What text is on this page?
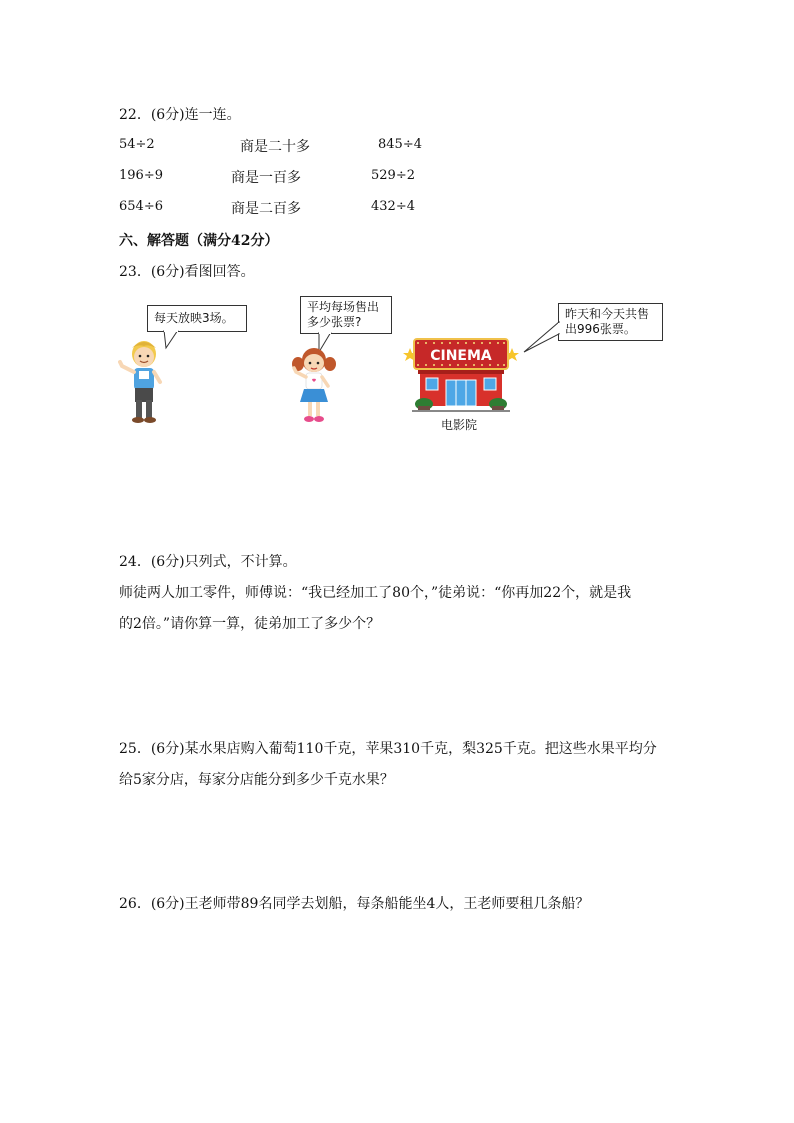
22．(6分)连一连。
54÷2	商是二十多	845÷4
196÷9	商是一百多	529÷2
654÷6	商是二百多	432÷4
六、解答题（满分42分）
23．(6分)看图回答。
每天放映3场。
平均每场售出
多少张票?
昨天和今天共售
出996张票。
CINEMA
电影院
24．(6分)只列式，不计算。
师徒两人加工零件，师傅说：“我已经加工了80个，”徒弟说：“你再加22个，就是我
的2倍。”请你算一算，徒弟加工了多少个？
25．(6分)某水果店购入葡萄110千克，苹果310千克，梨325千克。把这些水果平均分
给5家分店，每家分店能分到多少千克水果？
26．(6分)王老师带89名同学去划船，每条船能坐4人，王老师要租几条船？
